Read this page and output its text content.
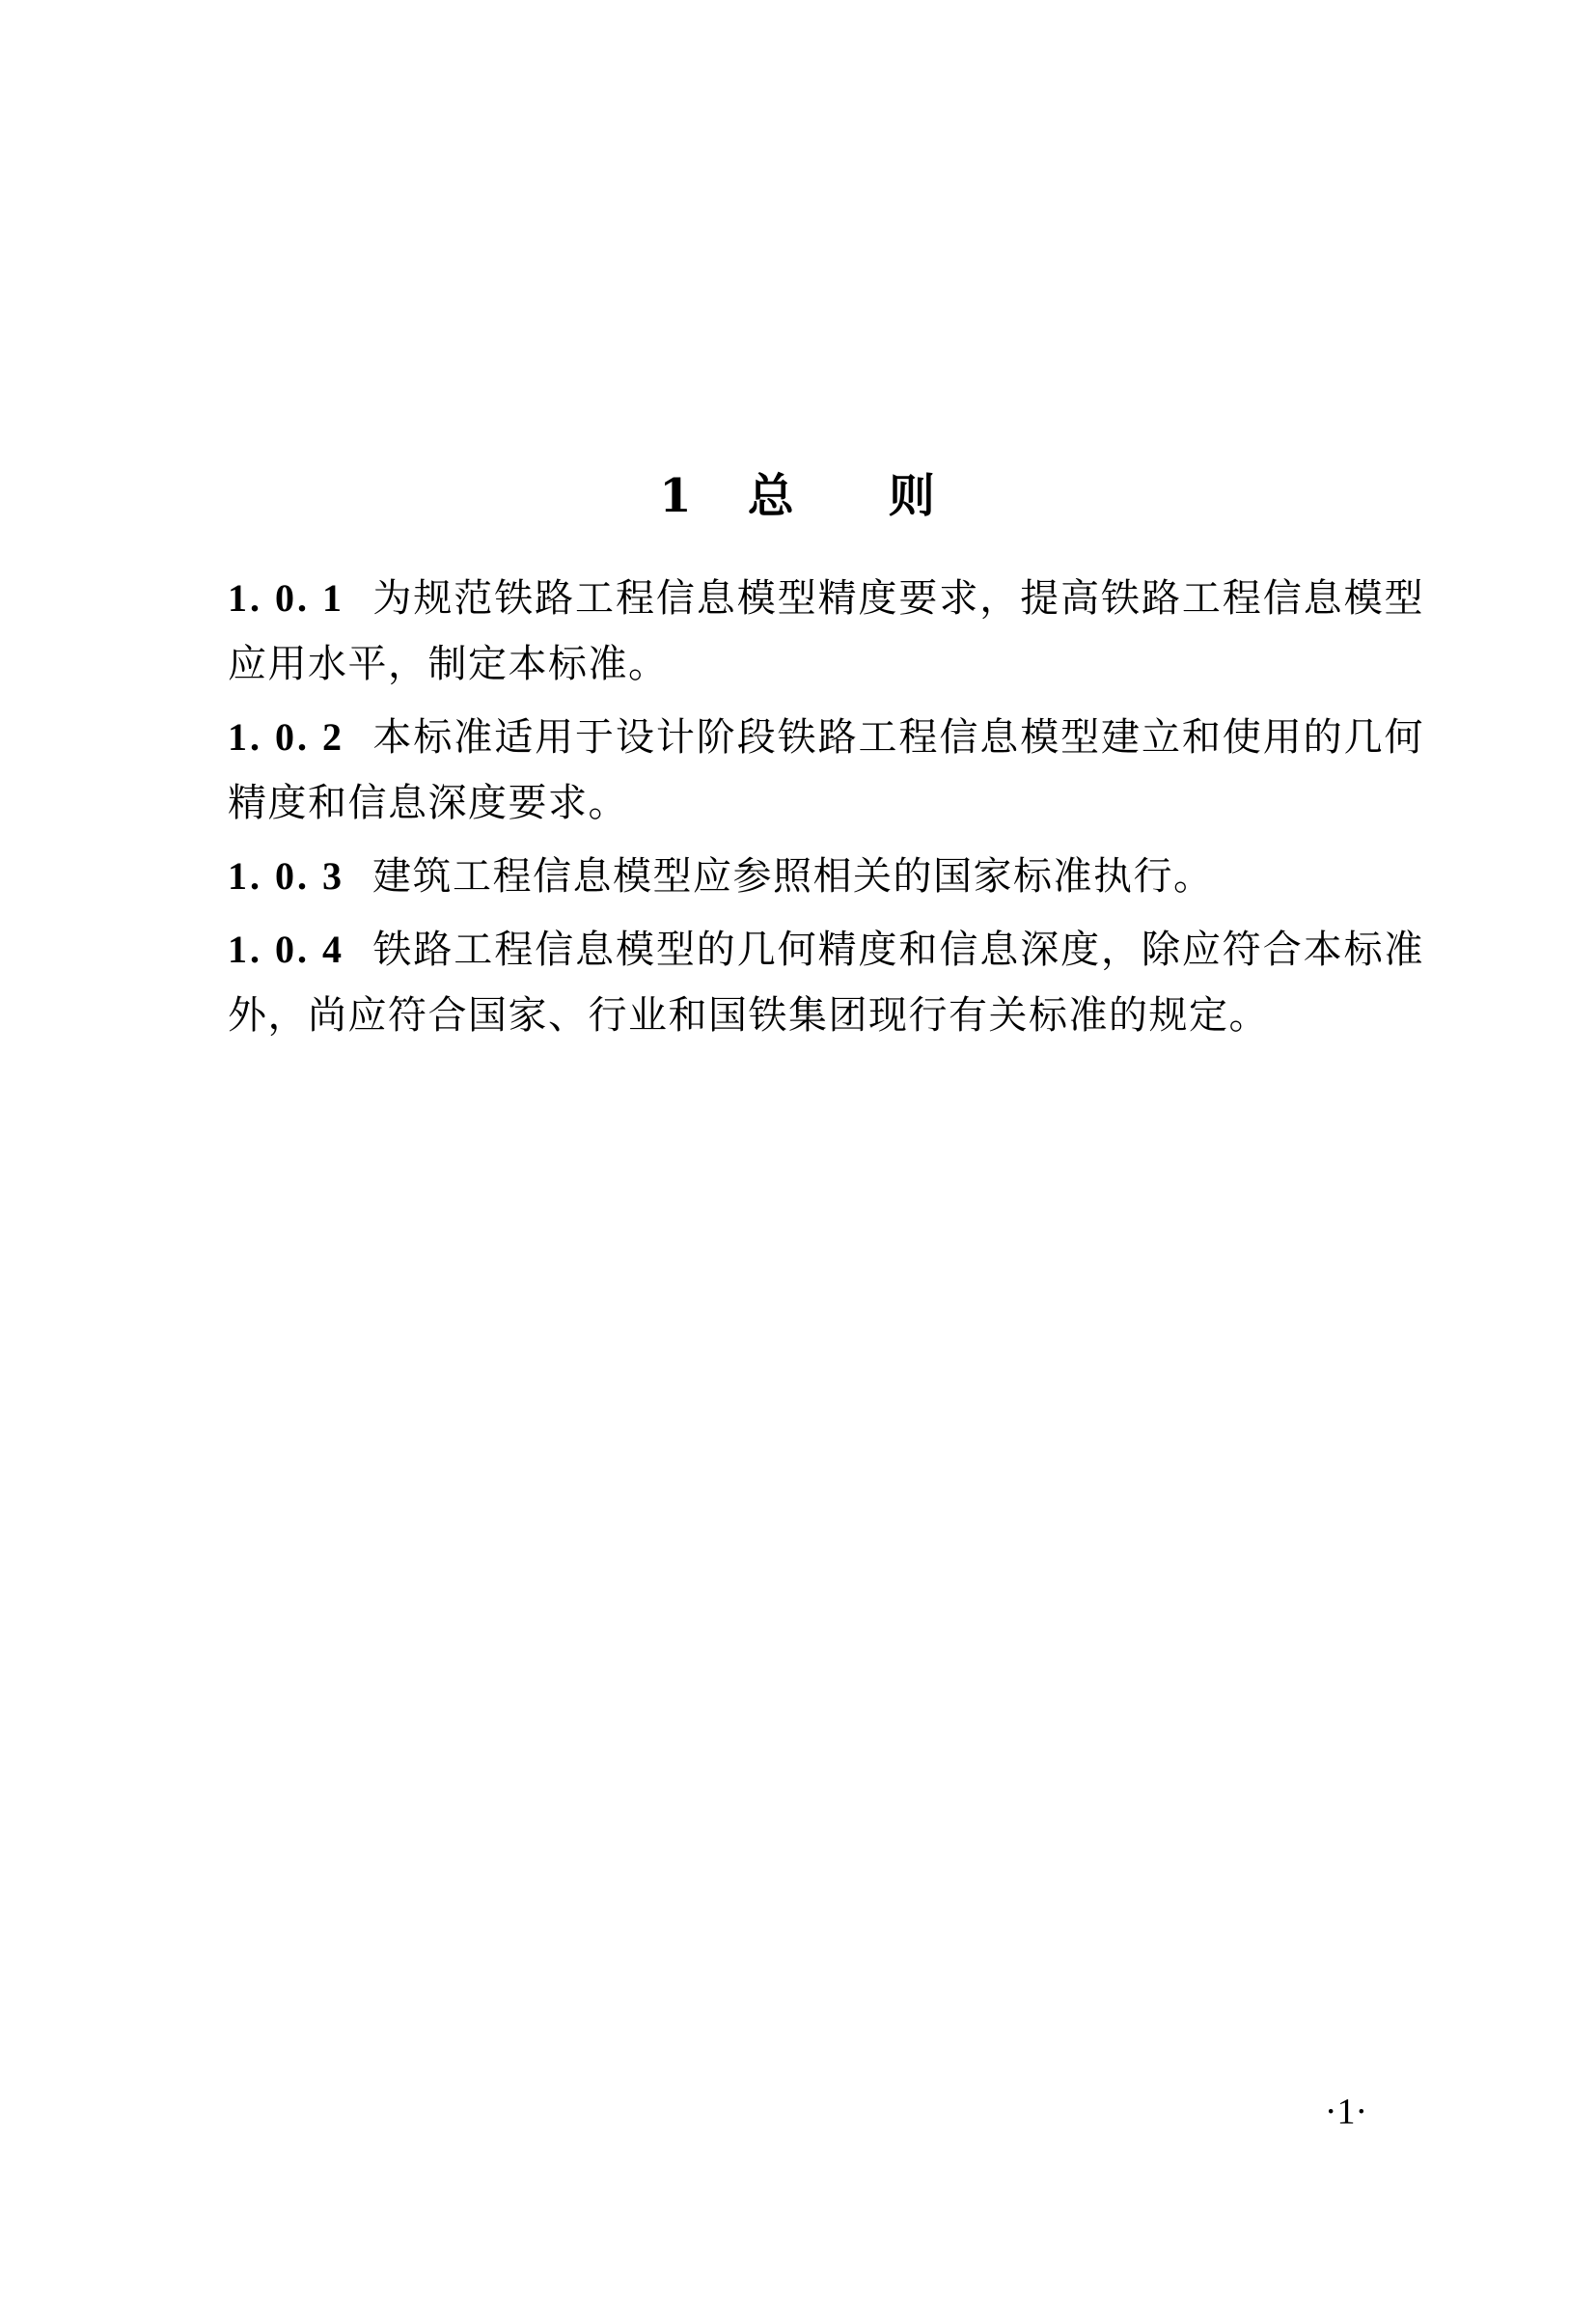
1 总 则

1. 0. 1 为规范铁路工程信息模型精度要求，提高铁路工程信息模型应用水平，制定本标准。

1. 0. 2 本标准适用于设计阶段铁路工程信息模型建立和使用的几何精度和信息深度要求。

1. 0. 3 建筑工程信息模型应参照相关的国家标准执行。

1. 0. 4 铁路工程信息模型的几何精度和信息深度，除应符合本标准外，尚应符合国家、行业和国铁集团现行有关标准的规定。

·1·
